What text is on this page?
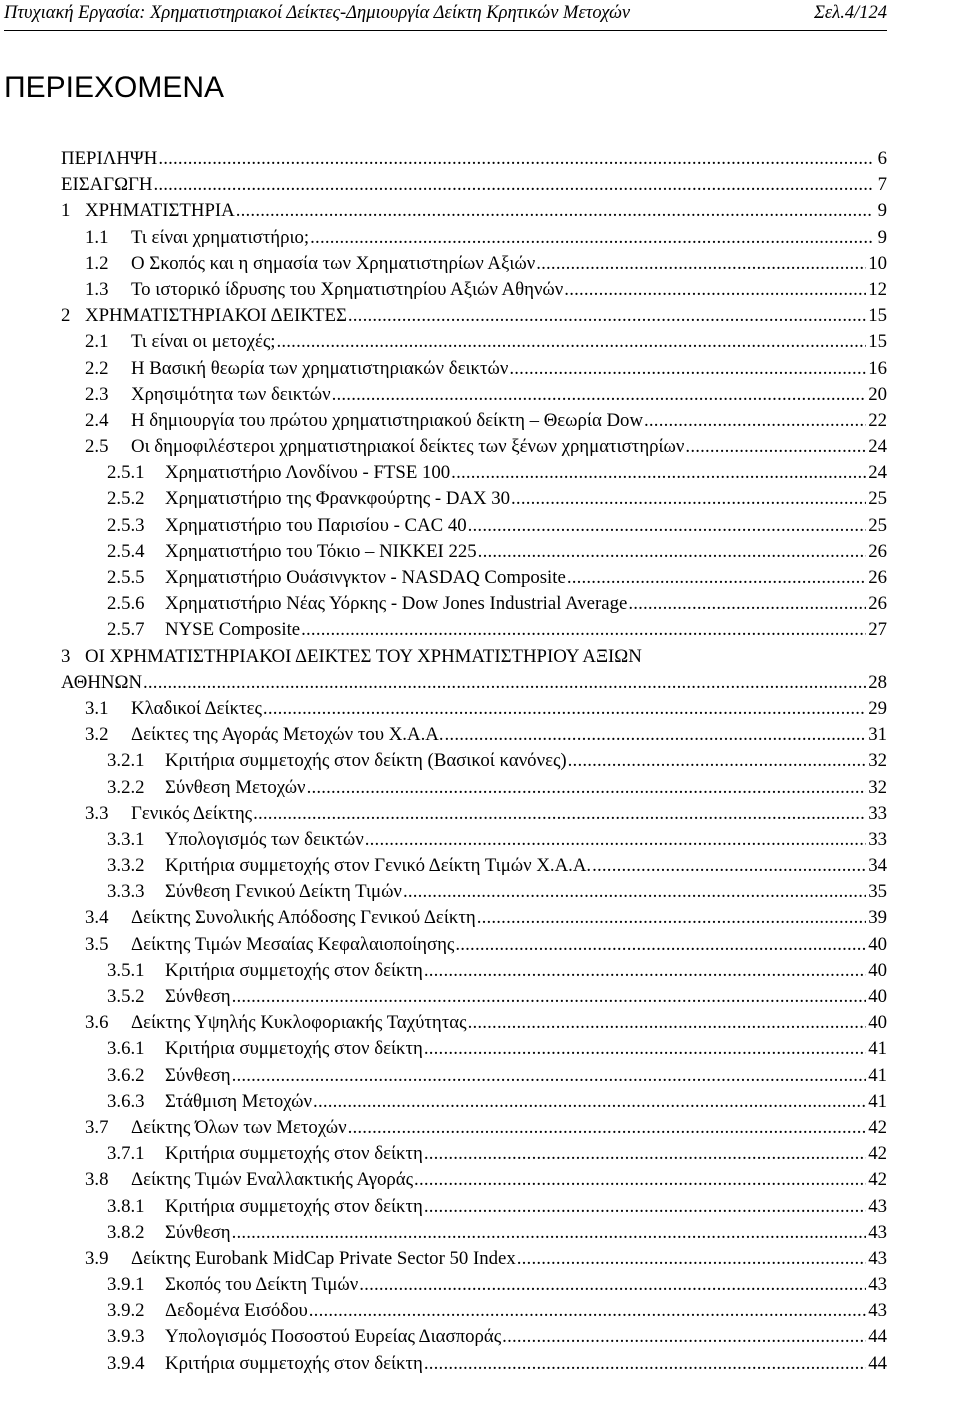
Πτυχιακή Εργασία: Χρηματιστηριακοί Δείκτες-Δημιουργία Δείκτη Κρητικών Μετοχών	Σελ.4/124
ΠΕΡΙΕΧΟΜΕΝΑ
ΠΕΡΙΛΗΨΗ .....	6
ΕΙΣΑΓΩΓΗ .....	7
1 ΧΡΗΜΑΤΙΣΤΗΡΙΑ .....	9
1.1	Τι είναι χρηματιστήριο; .....	9
1.2	Ο Σκοπός και η σημασία των Χρηματιστηρίων Αξιών .....	10
1.3	Το ιστορικό ίδρυσης του Χρηματιστηρίου Αξιών Αθηνών .....	12
2 ΧΡΗΜΑΤΙΣΤΗΡΙΑΚΟΙ ΔΕΙΚΤΕΣ .....	15
2.1	Τι είναι οι μετοχές; .....	15
2.2	Η Βασική θεωρία των χρηματιστηριακών δεικτών .....	16
2.3	Χρησιμότητα των δεικτών .....	20
2.4	Η δημιουργία του πρώτου χρηματιστηριακού δείκτη – Θεωρία Dow .....	22
2.5	Οι δημοφιλέστεροι χρηματιστηριακοί δείκτες των ξένων χρηματιστηρίων .....	24
2.5.1	Χρηματιστήριο Λονδίνου - FTSE 100 .....	24
2.5.2	Χρηματιστήριο της Φρανκφούρτης - DAX 30 .....	25
2.5.3	Χρηματιστήριο του Παρισίου - CAC 40 .....	25
2.5.4	Χρηματιστήριο του Τόκιο – NIKKEI 225 .....	26
2.5.5	Χρηματιστήριο Ουάσινγκτον - NASDAQ Composite .....	26
2.5.6	Χρηματιστήριο Νέας Υόρκης - Dow Jones Industrial Average .....	26
2.5.7	NYSE Composite .....	27
3 ΟΙ ΧΡΗΜΑΤΙΣΤΗΡΙΑΚΟΙ ΔΕΙΚΤΕΣ ΤΟΥ ΧΡΗΜΑΤΙΣΤΗΡΙΟΥ ΑΞΙΩΝ
ΑΘΗΝΩΝ .....	28
3.1	Κλαδικοί Δείκτες .....	29
3.2	Δείκτες της Αγοράς Μετοχών του Χ.Α.Α. .....	31
3.2.1	Κριτήρια συμμετοχής στον δείκτη (Βασικοί κανόνες) .....	32
3.2.2	Σύνθεση Μετοχών .....	32
3.3	Γενικός Δείκτης .....	33
3.3.1	Υπολογισμός των δεικτών .....	33
3.3.2	Κριτήρια συμμετοχής στον Γενικό Δείκτη Τιμών Χ.Α.Α. .....	34
3.3.3	Σύνθεση Γενικού Δείκτη Τιμών .....	35
3.4	Δείκτης Συνολικής Απόδοσης Γενικού Δείκτη .....	39
3.5	Δείκτης Τιμών Μεσαίας Κεφαλαιοποίησης .....	40
3.5.1	Κριτήρια συμμετοχής στον δείκτη .....	40
3.5.2	Σύνθεση .....	40
3.6	Δείκτης Υψηλής Κυκλοφοριακής Ταχύτητας .....	40
3.6.1	Κριτήρια συμμετοχής στον δείκτη .....	41
3.6.2	Σύνθεση .....	41
3.6.3	Στάθμιση Μετοχών .....	41
3.7	Δείκτης Όλων των Μετοχών .....	42
3.7.1	Κριτήρια συμμετοχής στον δείκτη .....	42
3.8	Δείκτης Τιμών Εναλλακτικής Αγοράς .....	42
3.8.1	Κριτήρια συμμετοχής στον δείκτη .....	43
3.8.2	Σύνθεση .....	43
3.9	Δείκτης Eurobank MidCap Private Sector 50 Index .....	43
3.9.1	Σκοπός του Δείκτη Τιμών .....	43
3.9.2	Δεδομένα Εισόδου .....	43
3.9.3	Υπολογισμός Ποσοστού Ευρείας Διασποράς .....	44
3.9.4	Κριτήρια συμμετοχής στον δείκτη .....	44
